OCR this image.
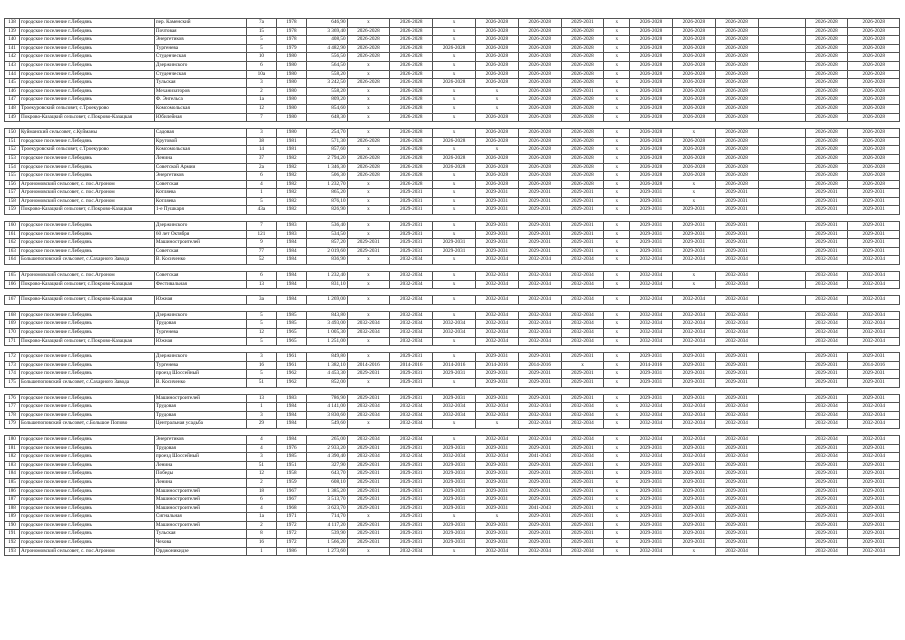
138	городское поселение г.Лебедянь	пер. Каменский	7а	1978	646,90	x	2026-2028	x	2026-2028	2026-2028	2029-2031	x	2026-2028	2026-2028	2026-2028		2026-2028	2026-2028
139	городское поселение г.Лебедянь	Почтовая	15	1978	3 369,40	2026-2028	2026-2028	x	2026-2028	2026-2028	2026-2028	x	2026-2028	2026-2028	2026-2028		2026-2028	2026-2028
140	городское поселение г.Лебедянь	Энергетиков	5	1978	408,50	2026-2028	2026-2028	x	2026-2028	2026-2028	2026-2028	x	2026-2028	2026-2028	2026-2028		2026-2028	2026-2028
141	городское поселение г.Лебедянь	Тургенева	5	1979	4 482,90	2026-2028	2026-2028	2026-2028	2026-2028	2026-2028	2026-2028	x	2026-2028	2026-2028	2026-2028		2026-2028	2026-2028
142	городское поселение г.Лебедянь	Студенческая	10	1980	556,50	2026-2028	2026-2028	x	2026-2028	2026-2028	2026-2028	x	2026-2028	2026-2028	2026-2028		2026-2028	2026-2028
143	городское поселение г.Лебедянь	Дзержинского	6	1980	564,50	x	2026-2028	x	2026-2028	2026-2028	2026-2028	x	2026-2028	2026-2028	2026-2028		2026-2028	2026-2028
144	городское поселение г.Лебедянь	Студенческая	10а	1980	558,20	x	2026-2028	x	2026-2028	2026-2028	2026-2028	x	2026-2028	2026-2028	2026-2028		2026-2028	2026-2028
145	городское поселение г.Лебедянь	Тульская	3	1980	3 242,50	2026-2028	2026-2028	2026-2028	2026-2028	2026-2028	2026-2028	x	2026-2028	2026-2028	2026-2028		2026-2028	2026-2028
146	городское поселение г.Лебедянь	Механизаторов	2	1980	558,20	x	2026-2028	x	x	2026-2028	2029-2031	x	2026-2028	2026-2028	2026-2028		2026-2028	2026-2028
147	городское поселение г.Лебедянь	Ф. Энгельса	1а	1980	809,20	x	2026-2028	x	x	2026-2028	2026-2028	x	2026-2028	2026-2028	2026-2028		2026-2028	2026-2028
148	Троекуровский сельсовет, с.Троекурово	Комсомольская	12	1980	854,60	x	2026-2028	x	x	2026-2028	2026-2028	x	2026-2028	2026-2028	2026-2028		2026-2028	2026-2028
149	Покрово-Казацкий сельсовет, с.Покрово-Казацкая	Юбилейная	7	1980	648,30	x	2026-2028	x	2026-2028	2026-2028	2026-2028	x	2026-2028	2026-2028	2026-2028		2026-2028	2026-2028

150	Куйманский сельсовет, с.Куйманы	Садовая	3	1980	254,70	x	2026-2028	x	2026-2028	2026-2028	2026-2028	x	2026-2028	x	2026-2028		2026-2028	2026-2028
151	городское поселение г.Лебедянь	Крутовой	38	1981	571,30	2026-2028	2026-2028	2026-2028	2026-2028	2026-2028	2026-2028	x	2026-2028	2026-2028	2026-2028		2026-2028	2026-2028
152	Троекуровский сельсовет, с.Троекурово	Комсомольская	14	1981	857,60	x	2026-2028	x	x	2026-2028	2026-2028	x	2026-2028	2026-2028	2026-2028		2026-2028	2026-2028
153	городское поселение г.Лебедянь	Ленина	37	1982	2 794,20	2026-2028	2026-2028	2026-2028	2026-2028	2026-2028	2026-2028	x	2026-2028	2026-2028	2026-2028		2026-2028	2026-2028
154	городское поселение г.Лебедянь	Советской Армии	2а	1982	1 346,30	2026-2028	2026-2028	2026-2028	2026-2028	2026-2028	2026-2028	x	2026-2028	2026-2028	2026-2028		2026-2028	2026-2028
155	городское поселение г.Лебедянь	Энергетиков	6	1982	506,30	2026-2028	2026-2028	x	2026-2028	2026-2028	2026-2028	x	2026-2028	2026-2028	2026-2028		2026-2028	2026-2028
156	Агрономовский сельсовет, с. пос.Агроном	Советская	4	1982	1 232,70	x	2026-2028	x	2026-2028	2026-2028	2026-2028	x	2026-2028	x	2026-2028		2026-2028	2026-2028
157	Агрономовский сельсовет, с. пос.Агроном	Котляева	1	1982	865,20	x	2029-2031	x	2029-2031	2029-2031	2029-2031	x	2029-2031	x	2029-2031		2029-2031	2029-2031
158	Агрономовский сельсовет, с. пос.Агроном	Котляева	5	1982	876,10	x	2029-2031	x	2029-2031	2029-2031	2029-2031	x	2029-2031	x	2029-2031		2029-2031	2029-2031
159	Покрово-Казацкий сельсовет, с.Покрово-Казацкая	1-е Пушкаря	43а	1982	826,90	x	2029-2031	x	2029-2031	2029-2031	2029-2031	x	2029-2031	2029-2031	2029-2031		2029-2031	2029-2031

160	городское поселение г.Лебедянь	Дзержинского	7	1983	536,40	x	2029-2031	x	2029-2031	2029-2031	2029-2031	x	2029-2031	2029-2031	2029-2031		2029-2031	2029-2031
161	городское поселение г.Лебедянь	60 лет Октября	121	1983	534,50	x	2029-2031	x	2029-2031	2029-2031	2029-2031	x	2029-2031	2029-2031	2029-2031		2029-2031	2029-2031
162	городское поселение г.Лебедянь	Машиностроителей	9	1984	857,20	2029-2031	2029-2031	2029-2031	2029-2031	2029-2031	2029-2031	x	2029-2031	2029-2031	2029-2031		2029-2031	2029-2031
163	городское поселение г.Лебедянь	Советская	77	1984	2 019,60	2029-2031	2029-2031	2029-2031	2029-2031	2029-2031	2029-2031	x	2029-2031	2029-2031	2029-2031		2029-2031	2029-2031
164	Большепоповский сельсовет, с.Сахарного Завода	В. Косиченко	52	1984	836,90	x	2032-2034	x	2032-2034	2032-2034	2032-2034	x	2032-2034	2032-2034	2032-2034		2032-2034	2032-2034

165	Агрономовский сельсовет, с. пос.Агроном	Советская	6	1984	1 232,40	x	2032-2034	x	2032-2034	2032-2034	2032-2034	x	2032-2034	x	2032-2034		2032-2034	2032-2034
166	Покрово-Казацкий сельсовет, с.Покрово-Казацкая	Фестивальная	13	1984	831,10	x	2032-2034	x	2032-2034	2032-2034	2032-2034	x	2032-2034	x	2032-2034		2032-2034	2032-2034

167	Покрово-Казацкий сельсовет, с.Покрово-Казацкая	Южная	3а	1984	1 269,00	x	2032-2034	x	2032-2034	2032-2034	2032-2034	x	2032-2034	2032-2034	2032-2034		2032-2034	2032-2034

168	городское поселение г.Лебедянь	Дзержинского	5	1985	843,80	x	2032-2034	x	2032-2034	2032-2034	2032-2034	x	2032-2034	2032-2034	2032-2034		2032-2034	2032-2034
169	городское поселение г.Лебедянь	Трудовая	5	1985	3 493,00	2032-2034	2032-2034	2032-2034	2032-2034	2032-2034	2032-2034	x	2032-2034	2032-2034	2032-2034		2032-2034	2032-2034
170	городское поселение г.Лебедянь	Тургенева	12	1965	1 005,30	2032-2034	2032-2034	2032-2034	2032-2034	2032-2034	2032-2034	x	2032-2034	2032-2034	2032-2034		2032-2034	2032-2034
171	Покрово-Казацкий сельсовет, с.Покрово-Казацкая	Южная	5	1965	1 251,00	x	2032-2034	x	2032-2034	2032-2034	2032-2034	x	2032-2034	2032-2034	2032-2034		2032-2034	2032-2034

172	городское поселение г.Лебедянь	Дзержинского	3	1961	849,80	x	2029-2031	x	2029-2031	2029-2031	2029-2031	x	2029-2031	2029-2031	2029-2031		2029-2031	2029-2031
173	городское поселение г.Лебедянь	Тургенева	16	1961	1 382,10	2014-2016	2014-2016	2014-2016	2014-2016	2014-2016	x	x	2014-2016	2029-2031	2029-2031		2029-2031	2014-2016
174	городское поселение г.Лебедянь	проезд Шоссейный	5	1962	4 453,30	2029-2031	2029-2031	2029-2031	2029-2031	2029-2031	2029-2031	x	2029-2031	2029-2031	2029-2031		2029-2031	2029-2031
175	Большепоповский сельсовет, с.Сахарного Завода	В. Косиченко	51	1962	852,00	x	2029-2031	x	2029-2031	2029-2031	2029-2031	x	2029-2031	2029-2031	2029-2031		2029-2031	2029-2031

176	городское поселение г.Лебедянь	Машиностроителей	13	1983	786,90	2029-2031	2029-2031	2029-2031	2029-2031	2029-2031	2029-2031	x	2029-2031	2029-2031	2029-2031		2029-2031	2029-2031
177	городское поселение г.Лебедянь	Трудовая	1	1984	4 141,00	2032-2034	2032-2034	2032-2034	2032-2034	2032-2034	2032-2034	x	2032-2034	2032-2034	2032-2034		2032-2034	2032-2034
178	городское поселение г.Лебедянь	Трудовая	3	1984	3 830,60	2032-2034	2032-2034	2032-2034	2032-2034	2032-2034	2032-2034	x	2032-2034	2032-2034	2032-2034		2032-2034	2032-2034
179	Большепоповский сельсовет, с.Большое Попово	Центральная усадьба	29	1984	549,60	x	2032-2034	x	x	2032-2034	2032-2034	x	2032-2034	2032-2034	2032-2034		2032-2034	2032-2034

180	городское поселение г.Лебедянь	Энергетиков	4	1984	265,00	2032-2034	2032-2034	x	2032-2034	2032-2034	2032-2034	x	2032-2034	2032-2034	2032-2034		2032-2034	2032-2034
181	городское поселение г.Лебедянь	Трудовая	4	1976	2 933,20	2029-2031	2029-2031	2029-2031	2029-2031	2029-2031	2029-2031	x	2029-2031	2029-2031	2029-2031		2029-2031	2029-2031
182	городское поселение г.Лебедянь	проезд Шоссейный	3	1985	4 390,40	2032-2034	2032-2034	2032-2034	2032-2034	2041-2043	2032-2034	x	2032-2034	2032-2034	2032-2034		2032-2034	2032-2034
183	городское поселение г.Лебедянь	Ленина	51	1951	327,90	2029-2031	2029-2031	2029-2031	2029-2031	2029-2031	2029-2031	x	2029-2031	2029-2031	2029-2031		2029-2031	2029-2031
184	городское поселение г.Лебедянь	Победы	12	1958	643,70	2029-2031	2029-2031	2029-2031	2029-2031	2029-2031	2029-2031	x	2029-2031	2029-2031	2029-2031		2029-2031	2029-2031
185	городское поселение г.Лебедянь	Ленина	2	1959	608,10	2029-2031	2029-2031	2029-2031	2029-2031	2029-2031	2029-2031	x	2029-2031	2029-2031	2029-2031		2029-2031	2029-2031
186	городское поселение г.Лебедянь	Машиностроителей	18	1967	1 385,20	2029-2031	2029-2031	2029-2031	2029-2031	2029-2031	2029-2031	x	2029-2031	2029-2031	2029-2031		2029-2031	2029-2031
187	городское поселение г.Лебедянь	Машиностроителей	6	1967	3 513,70	2029-2031	2029-2031	2029-2031	2029-2031	2029-2031	2029-2031	x	2029-2031	2029-2031	2029-2031		2029-2031	2029-2031
188	городское поселение г.Лебедянь	Машиностроителей	4	1968	3 623,70	2029-2031	2029-2031	2029-2031	2029-2031	2041-2043	2029-2031	x	2029-2031	2029-2031	2029-2031		2029-2031	2029-2031
189	городское поселение г.Лебедянь	Сигнальная	1а	1971	714,70	x	2029-2031	x	x	2029-2031	2029-2031	x	2029-2031	2029-2031	2029-2031		2029-2031	2029-2031
190	городское поселение г.Лебедянь	Машиностроителей	2	1972	4 117,20	2029-2031	2029-2031	2029-2031	2029-2031	2029-2031	2029-2031	x	2029-2031	2029-2031	2029-2031		2029-2031	2029-2031
191	городское поселение г.Лебедянь	Тульская	8	1972	539,90	2029-2031	2029-2031	2029-2031	2029-2031	2029-2031	2029-2031	x	2029-2031	2029-2031	2029-2031		2029-2031	2029-2031
192	городское поселение г.Лебедянь	Чехова	16	1972	1 566,20	2029-2031	2029-2031	2029-2031	2029-2031	2029-2031	2029-2031	x	2029-2031	2029-2031	2029-2031		2029-2031	2029-2031
193	Агрономовский сельсовет, с. пос.Агроном	Орджоникидзе	1	1986	1 273,60	x	2032-2034	x	2032-2034	2032-2034	2032-2034	x	2032-2034	x	2032-2034		2032-2034	2032-2034
